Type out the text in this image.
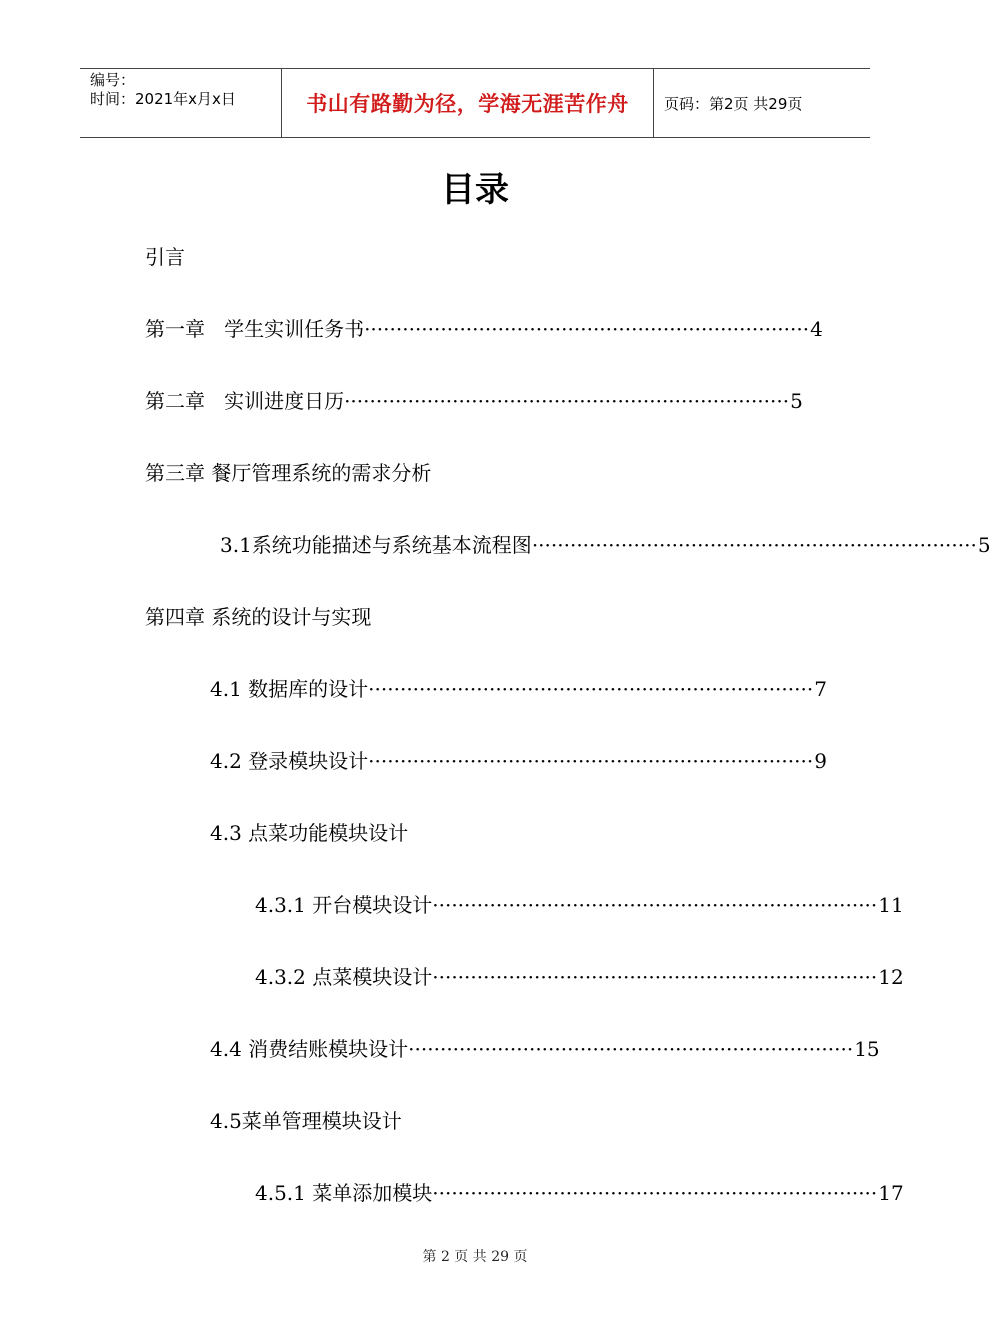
编号：
时间：2021年x月x日	书山有路勤为径，学海无涯苦作舟	页码：第2页 共29页
目录
引言
第一章   学生实训任务书 ······································································ 4
第二章   实训进度日历 ······································································ 5
第三章 餐厅管理系统的需求分析
3.1系统功能描述与系统基本流程图 ······································································ 5
第四章 系统的设计与实现
4.1 数据库的设计 ······································································ 7
4.2 登录模块设计 ······································································ 9
4.3 点菜功能模块设计
4.3.1 开台模块设计 ······································································ 11
4.3.2 点菜模块设计 ······································································ 12
4.4 消费结账模块设计 ······································································ 15
4.5菜单管理模块设计
4.5.1 菜单添加模块 ······································································ 17
第 2 页 共 29 页
